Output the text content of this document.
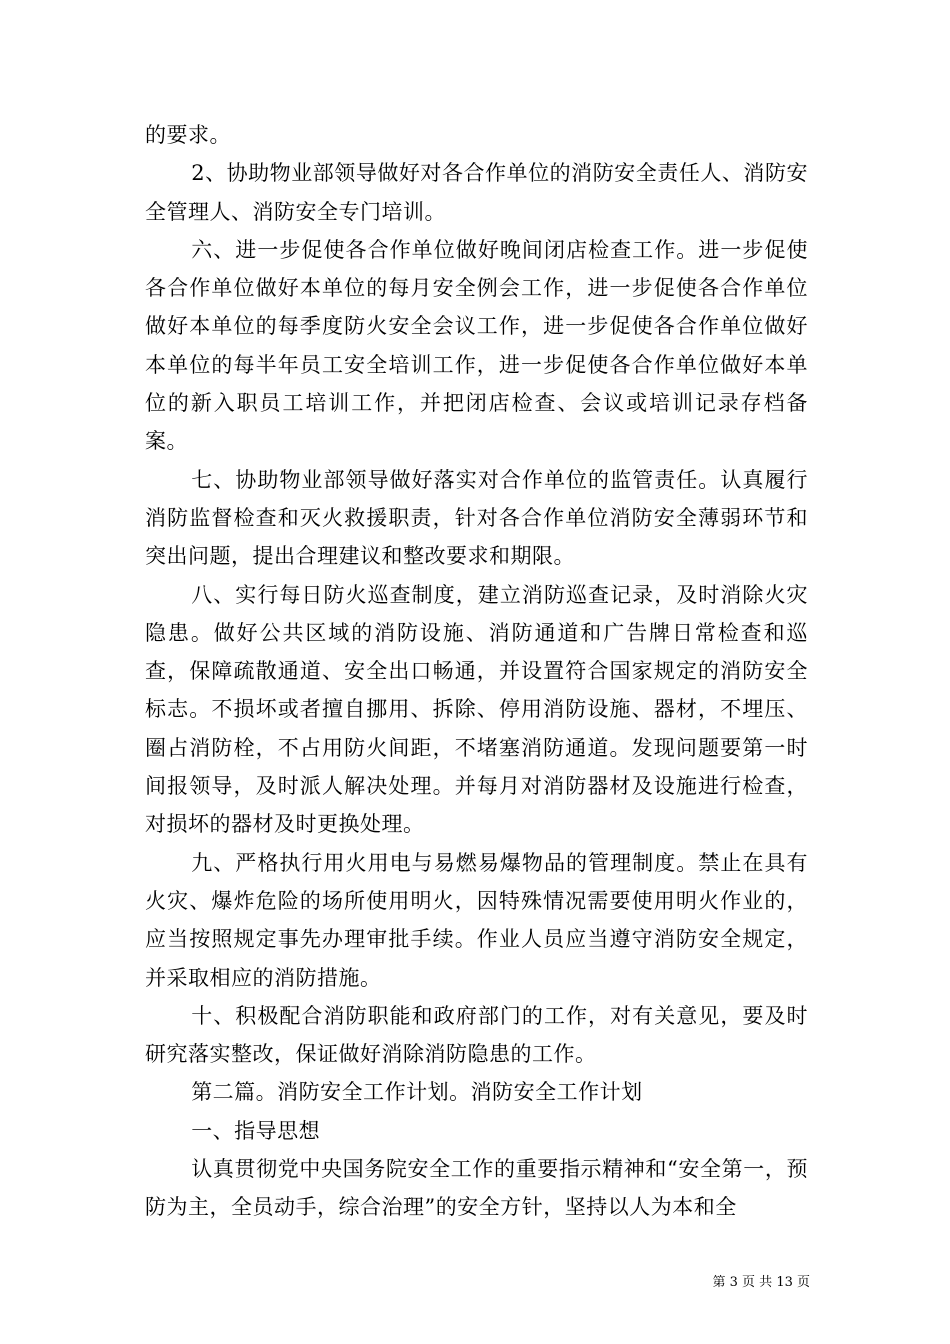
的要求。

2、协助物业部领导做好对各合作单位的消防安全责任人、消防安全管理人、消防安全专门培训。

六、进一步促使各合作单位做好晚间闭店检查工作。进一步促使各合作单位做好本单位的每月安全例会工作，进一步促使各合作单位做好本单位的每季度防火安全会议工作，进一步促使各合作单位做好本单位的每半年员工安全培训工作，进一步促使各合作单位做好本单位的新入职员工培训工作，并把闭店检查、会议或培训记录存档备案。

七、协助物业部领导做好落实对合作单位的监管责任。认真履行消防监督检查和灭火救援职责，针对各合作单位消防安全薄弱环节和突出问题，提出合理建议和整改要求和期限。

八、实行每日防火巡查制度，建立消防巡查记录，及时消除火灾隐患。做好公共区域的消防设施、消防通道和广告牌日常检查和巡查，保障疏散通道、安全出口畅通，并设置符合国家规定的消防安全标志。不损坏或者擅自挪用、拆除、停用消防设施、器材，不埋压、圈占消防栓，不占用防火间距，不堵塞消防通道。发现问题要第一时间报领导，及时派人解决处理。并每月对消防器材及设施进行检查，对损坏的器材及时更换处理。

九、严格执行用火用电与易燃易爆物品的管理制度。禁止在具有火灾、爆炸危险的场所使用明火，因特殊情况需要使用明火作业的，应当按照规定事先办理审批手续。作业人员应当遵守消防安全规定，并采取相应的消防措施。

十、积极配合消防职能和政府部门的工作，对有关意见，要及时研究落实整改，保证做好消除消防隐患的工作。

第二篇。消防安全工作计划。消防安全工作计划

一、指导思想

认真贯彻党中央国务院安全工作的重要指示精神和“安全第一，预防为主，全员动手，综合治理”的安全方针，坚持以人为本和全

第 3 页 共 13 页
